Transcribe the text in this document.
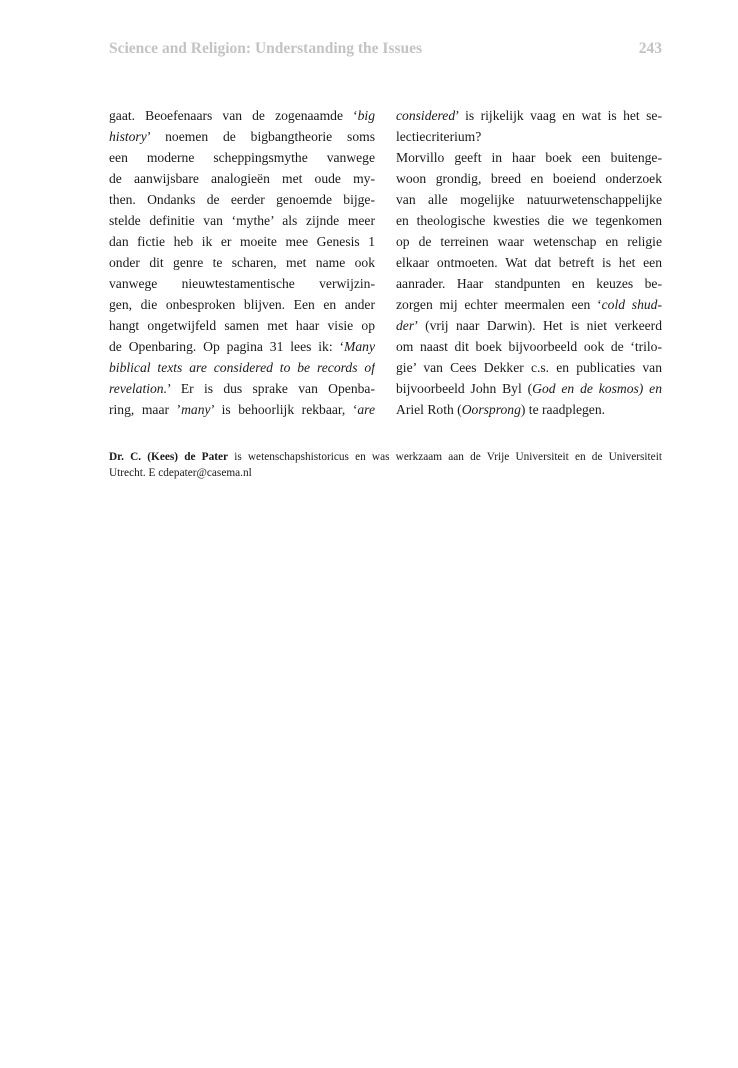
Science and Religion: Understanding the Issues	243
gaat. Beoefenaars van de zogenaamde ‘big
history’ noemen de bigbangtheorie soms
een moderne scheppingsmythe vanwege
de aanwijsbare analogieën met oude my-
then. Ondanks de eerder genoemde bijge-
stelde definitie van ‘mythe’ als zijnde meer
dan fictie heb ik er moeite mee Genesis 1
onder dit genre te scharen, met name ook
vanwege nieuwtestamentische verwijzin-
gen, die onbesproken blijven. Een en ander
hangt ongetwijfeld samen met haar visie op
de Openbaring. Op pagina 31 lees ik: ‘Many
biblical texts are considered to be records of
revelation.’ Er is dus sprake van Openba-
ring, maar ’many’ is behoorlijk rekbaar, ‘are
considered’ is rijkelijk vaag en wat is het se-
lectiecriterium?
Morvillo geeft in haar boek een buitenge-
woon grondig, breed en boeiend onderzoek
van alle mogelijke natuurwetenschappelijke
en theologische kwesties die we tegenkomen
op de terreinen waar wetenschap en religie
elkaar ontmoeten. Wat dat betreft is het een
aanrader. Haar standpunten en keuzes be-
zorgen mij echter meermalen een ‘cold shud-
der’ (vrij naar Darwin). Het is niet verkeerd
om naast dit boek bijvoorbeeld ook de ‘trilo-
gie’ van Cees Dekker c.s. en publicaties van
bijvoorbeeld John Byl (God en de kosmos) en
Ariel Roth (Oorsprong) te raadplegen.
Dr. C. (Kees) de Pater is wetenschapshistoricus en was werkzaam aan de Vrije Universiteit en de Universiteit
Utrecht. E cdepater@casema.nl
